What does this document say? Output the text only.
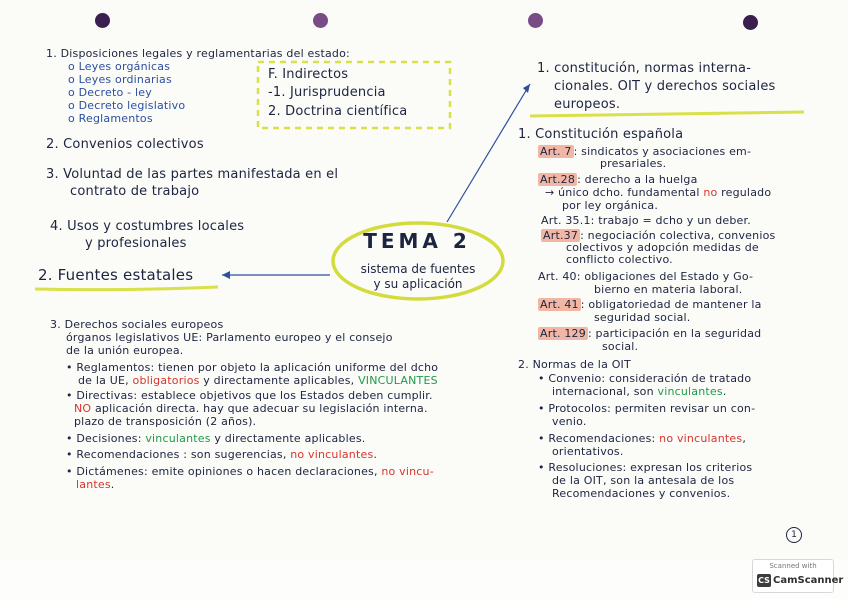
1. Disposiciones legales y reglamentarias del estado:
o Leyes orgánicas
o Leyes ordinarias
o Decreto - ley
o Decreto legislativo
o Reglamentos
F. Indirectos
-1. Jurisprudencia
2. Doctrina científica
2. Convenios colectivos
3. Voluntad de las partes manifestada en el
contrato de trabajo
4. Usos y costumbres locales
y profesionales
2. Fuentes estatales
3. Derechos sociales europeos
órganos legislativos UE: Parlamento europeo y el consejo
de la unión europea.
• Reglamentos: tienen por objeto la aplicación uniforme del dcho
de la UE, obligatorios y directamente aplicables, VINCULANTES
• Directivas: establece objetivos que los Estados deben cumplir.
NO aplicación directa. hay que adecuar su legislación interna.
plazo de transposición (2 años).
• Decisiones: vinculantes y directamente aplicables.
• Recomendaciones : son sugerencias, no vinculantes.
• Dictámenes: emite opiniones o hacen declaraciones, no vincu-
lantes.
TEMA 2
sistema de fuentes
y su aplicación
1. constitución, normas interna-
cionales. OIT y derechos sociales
europeos.
1. Constitución española
Art. 7 : sindicatos y asociaciones em-
presariales.
Art.28 : derecho a la huelga
→ único dcho. fundamental no regulado
por ley orgánica.
Art. 35.1: trabajo = dcho y un deber.
Art.37 : negociación colectiva, convenios
colectivos y adopción medidas de
conflicto colectivo.
Art. 40: obligaciones del Estado y Go-
bierno en materia laboral.
Art. 41 : obligatoriedad de mantener la
seguridad social.
Art. 129 : participación en la seguridad
social.
2. Normas de la OIT
• Convenio: consideración de tratado
internacional, son vinculantes.
• Protocolos: permiten revisar un con-
venio.
• Recomendaciones: no vinculantes,
orientativos.
• Resoluciones: expresan los criterios
de la OIT, son la antesala de los
Recomendaciones y convenios.
1
Scanned with
CS CamScanner
